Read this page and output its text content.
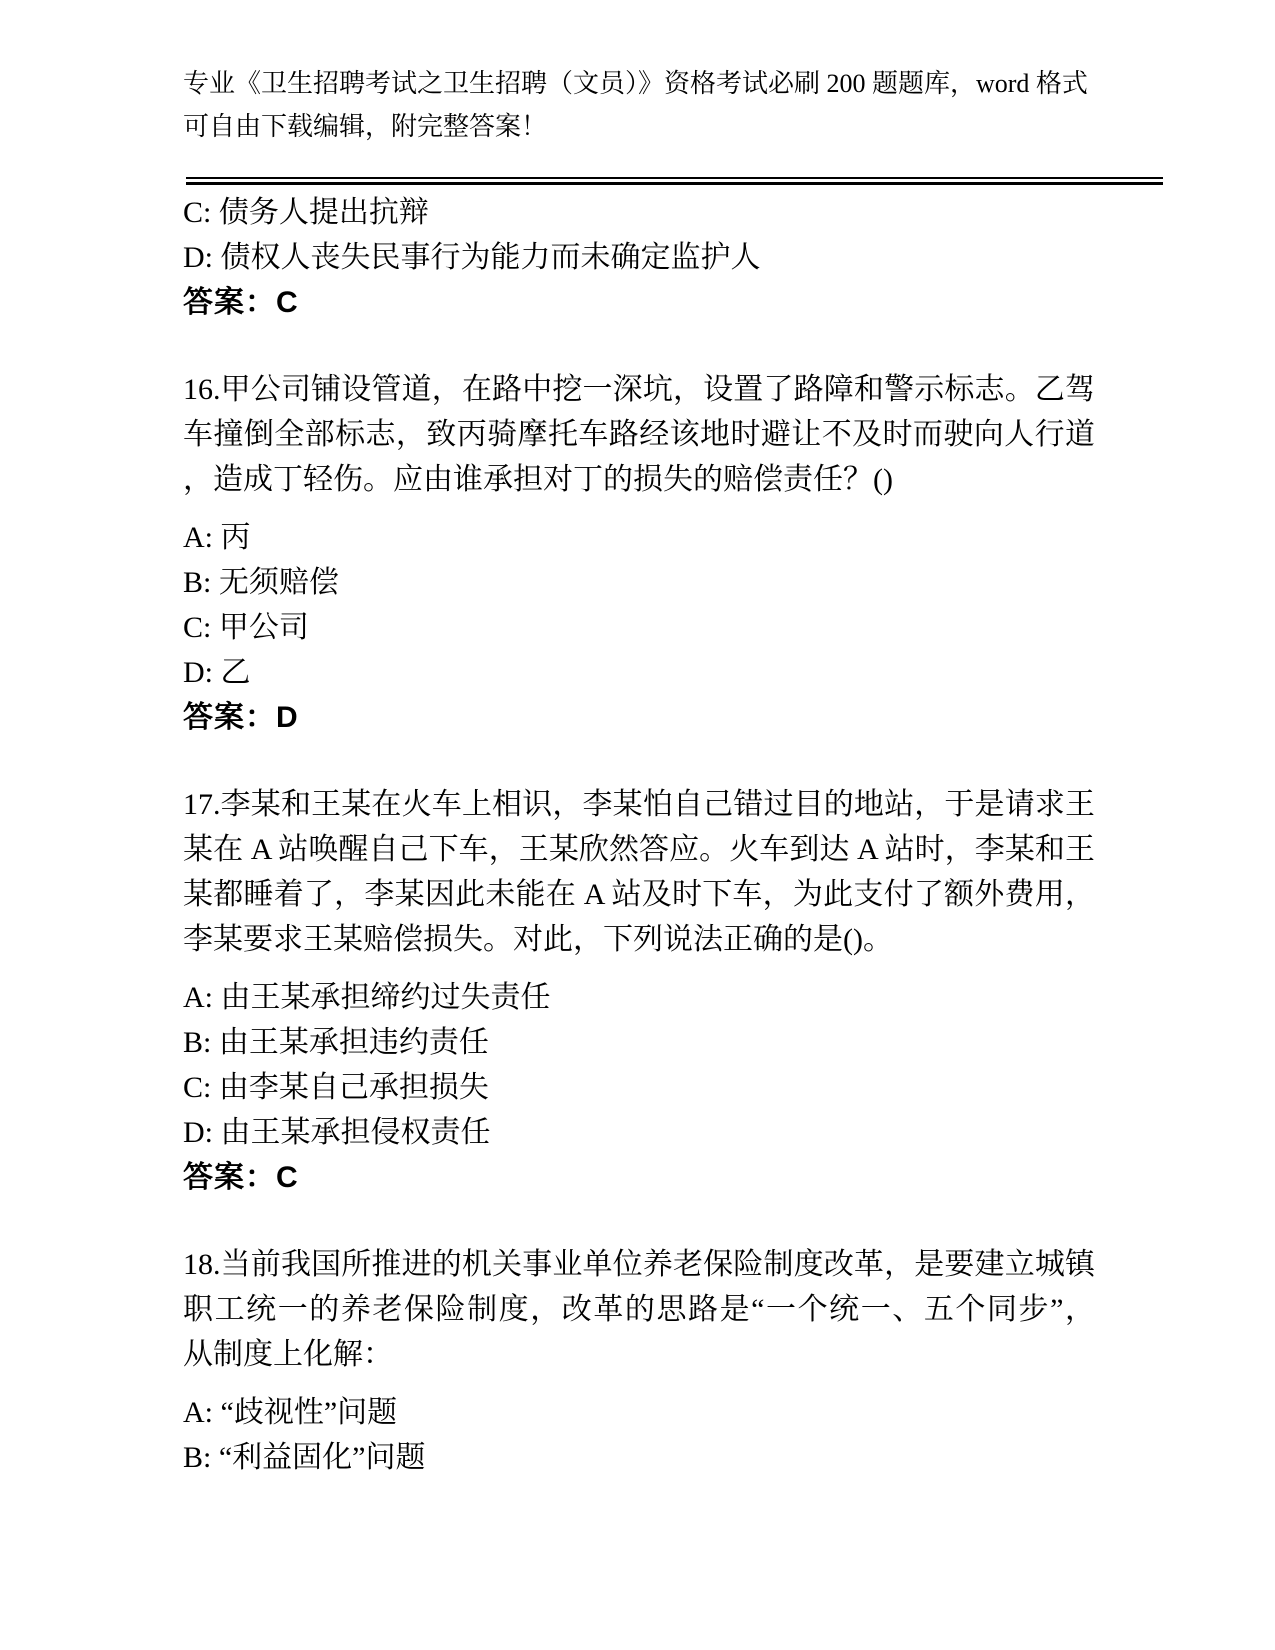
专业《卫生招聘考试之卫生招聘（文员）》资格考试必刷 200 题题库，word 格式
可自由下载编辑，附完整答案！
C: 债务人提出抗辩
D: 债权人丧失民事行为能力而未确定监护人
答案：C
16.甲公司铺设管道，在路中挖一深坑，设置了路障和警示标志。乙驾
车撞倒全部标志，致丙骑摩托车路经该地时避让不及时而驶向人行道
，造成丁轻伤。应由谁承担对丁的损失的赔偿责任？()
A: 丙
B: 无须赔偿
C: 甲公司
D: 乙
答案：D
17.李某和王某在火车上相识，李某怕自己错过目的地站，于是请求王
某在 A 站唤醒自己下车，王某欣然答应。火车到达 A 站时，李某和王
某都睡着了，李某因此未能在 A 站及时下车，为此支付了额外费用，
李某要求王某赔偿损失。对此，下列说法正确的是()。
A: 由王某承担缔约过失责任
B: 由王某承担违约责任
C: 由李某自己承担损失
D: 由王某承担侵权责任
答案：C
18.当前我国所推进的机关事业单位养老保险制度改革，是要建立城镇
职工统一的养老保险制度，改革的思路是“一个统一、五个同步”，
从制度上化解：
A: “歧视性”问题
B: “利益固化”问题
